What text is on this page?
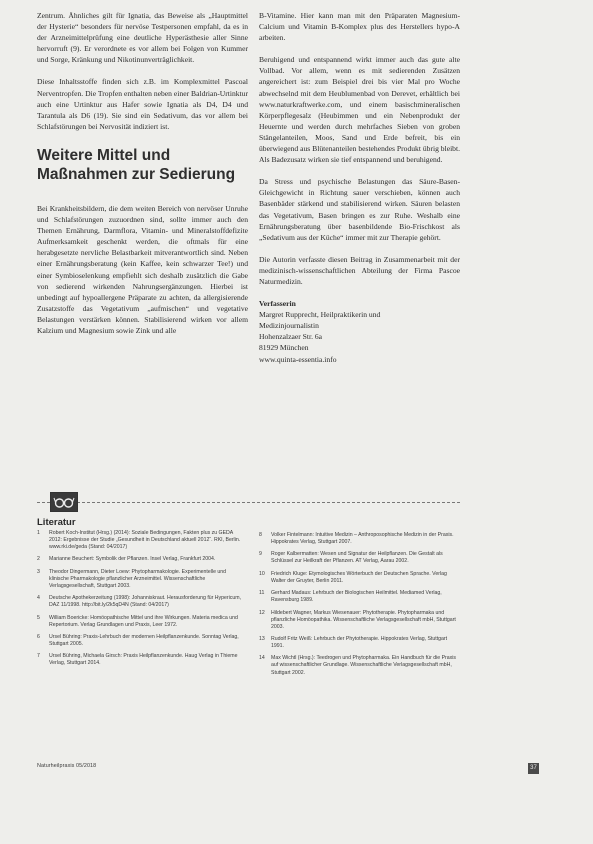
Zentrum. Ähnliches gilt für Ignatia, das Beweise als „Hauptmittel der Hysterie“ besonders für nervöse Testpersonen empfahl, da es in der Arzneimittelprüfung eine deutliche Hyperästhesie aller Sinne hervorruft (9). Er verordnete es vor allem bei Folgen von Kummer und Sorge, Kränkung und Nikotinunverträglichkeit.

Diese Inhaltsstoffe finden sich z.B. im Komplexmittel Pascoal Nerventropfen. Die Tropfen enthalten neben einer Baldrian-Urtinktur auch eine Urtinktur aus Hafer sowie Ignatia als D4, D4 und Tarantula als D6 (19). Sie sind ein Sedativum, das vor allem bei Schlafstörungen bei Nervosität indiziert ist.

Weitere Mittel und Maßnahmen zur Sedierung

Bei Krankheitsbildern, die dem weiten Bereich von nervöser Unruhe und Schlafstörungen zuzuordnen sind, sollte immer auch den Themen Ernährung, Darmflora, Vitamin- und Mineralstoffdefizite Aufmerksamkeit geschenkt werden, die oftmals für eine herabgesetzte nervliche Belastbarkeit mitverantwortlich sind. Neben einer Ernährungsberatung (kein Kaffee, kein schwarzer Tee!) und einer Symbioselenkung empfiehlt sich deshalb zusätzlich die Gabe von sedierend wirkenden Nahrungsergänzungen. Hierbei ist unbedingt auf hypoallergene Präparate zu achten, da allergisierende Zusatzstoffe das Vegetativum „aufmischen“ und vegetative Belastungen verstärken können. Stabilisierend wirken vor allem Kalzium und Magnesium sowie Zink und alle

B-Vitamine. Hier kann man mit den Präparaten Magnesium-Calcium und Vitamin B-Komplex plus des Herstellers hypo-A arbeiten.

Beruhigend und entspannend wirkt immer auch das gute alte Vollbad. Vor allem, wenn es mit sedierenden Zusätzen angereichert ist: zum Beispiel drei bis vier Mal pro Woche abwechselnd mit dem Heublumenbad von Derevet, erhältlich bei www.naturkraftwerke.com, und einem basischmineralischen Körperpflegesalz (Heubimmen und ein Nebenprodukt der Heuernte und werden durch mehrfaches Sieben von groben Stängelanteilen, Moos, Sand und Erde befreit, bis ein überwiegend aus Blütenanteilen bestehendes Produkt übrig bleibt. Als Badezusatz wirken sie tief entspannend und beruhigend.

Da Stress und psychische Belastungen das Säure-Basen-Gleichgewicht in Richtung sauer verschieben, können auch Basenbäder stärkend und stabilisierend wirken. Säuren belasten das Vegetativum, Basen bringen es zur Ruhe. Weshalb eine Ernährungsberatung über basenbildende Bio-Frischkost als „Sedativum aus der Küche“ immer mit zur Therapie gehört.

Die Autorin verfasste diesen Beitrag in Zusammenarbeit mit der medizinisch-wissenschaftlichen Abteilung der Firma Pascoe Naturmedizin.

Verfasserin
Margret Rupprecht, Heilpraktikerin und
Medizinjournalistin
Hohenzalzaer Str. 6a
81929 München
www.quinta-essentia.info
Literatur
1	Robert Koch-Institut (Hrsg.) (2014): Soziale Bedingungen, Fakten plus zu GEDA 2012: Ergebnisse der Studie „Gesundheit in Deutschland aktuell 2012“. RKI, Berlin. www.rki.de/geda (Stand: 04/2017)
2	Marianne Beuchert: Symbolik der Pflanzen. Insel Verlag, Frankfurt 2004.
3	Theodor Dingermann, Dieter Loew: Phytopharmakologie. Experimentelle und klinische Pharmakologie pflanzlicher Arzneimittel. Wissenschaftliche Verlagsgesellschaft, Stuttgart 2003.
4	Deutsche Apothekerzeitung (1998): Johanniskraut. Herausforderung für Hypericum, DAZ 11/1998. http://bit.ly/2k5qD4N (Stand: 04/2017)
5	William Boericke: Homöopathische Mittel und ihre Wirkungen. Materia medica und Repertorium. Verlag Grundlagen und Praxis, Leer 1972.
6	Ursel Bühring: Praxis-Lehrbuch der modernen Heilpflanzenkunde. Sonntag Verlag, Stuttgart 2005.
7	Ursel Bühring, Michaela Girsch: Praxis Heilpflanzenkunde. Haug Verlag in Thieme Verlag, Stuttgart 2014.
8	Volker Fintelmann: Intuitive Medizin – Anthroposophische Medizin in der Praxis. Hippokrates Verlag, Stuttgart 2007.
9	Roger Kalbermatten: Wesen und Signatur der Heilpflanzen. Die Gestalt als Schlüssel zur Heilkraft der Pflanzen. AT Verlag, Aarau 2002.
10	Friedrich Kluge: Etymologisches Wörterbuch der Deutschen Sprache. Verlag Walter der Gruyter, Berlin 2011.
11	Gerhard Madaus: Lehrbuch der Biologischen Heilmittel. Mediamed Verlag, Ravensburg 1989.
12	Hildebert Wagner, Markus Wiesenauer: Phytotherapie. Phytopharmaka und pflanzliche Homöopathika. Wissenschaftliche Verlagsgesellschaft mbH, Stuttgart 2003.
13	Rudolf Fritz Weiß: Lehrbuch der Phytotherapie. Hippokrates Verlag, Stuttgart 1991.
14	Max Wichtl (Hrsg.): Teedrogen und Phytopharmaka. Ein Handbuch für die Praxis auf wissenschaftlicher Grundlage. Wissenschaftliche Verlagsgesellschaft mbH, Stuttgart 2002.
Naturheilpraxis 05/2018	37
